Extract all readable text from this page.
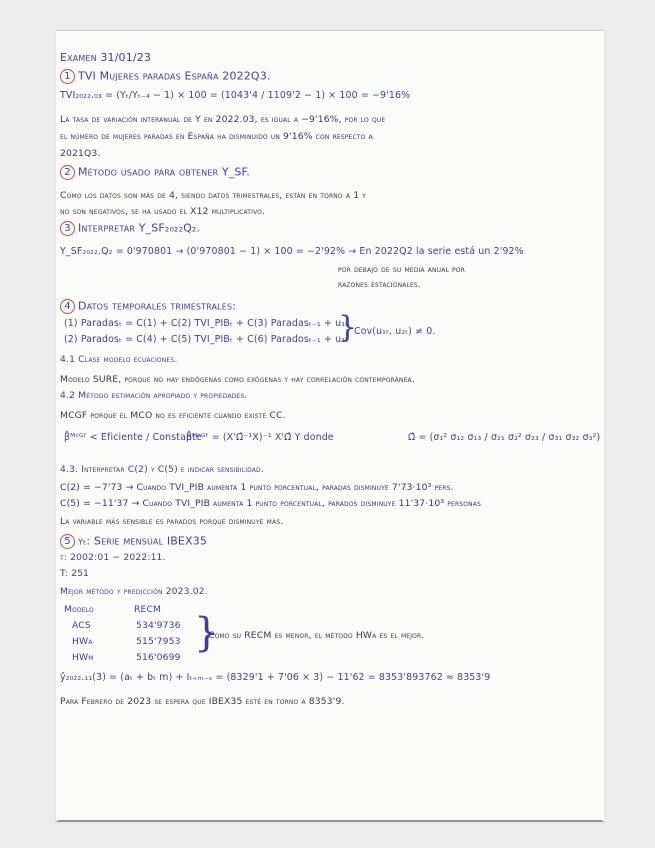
Examen 31/01/23
1 TVI Mujeres paradas España 2022Q3.
TVI₂₀₂₂.₀₃ = (Yₜ/Yₜ₋₄ − 1) × 100 = (1043'4 / 1109'2 − 1) × 100 = −9'16%
La tasa de variación interanual de Y en 2022.03, es igual a −9'16%, por lo que
el número de mujeres paradas en España ha disminuido un 9'16% con respecto a
2021Q3.
2 Método usado para obtener Y_SF.
Como los datos son más de 4, siendo datos trimestrales, están en torno a 1 y
no son negativos, se ha usado el X12 multiplicativo.
3 Interpretar Y_SF₂₀₂₂Q₂.
Y_SF₂₀₂₂.Q₂ = 0'970801 → (0'970801 − 1) × 100 = −2'92% → En 2022Q2 la serie está un 2'92%
por debajo de su media anual por
razones estacionales.
4 Datos temporales trimestrales:
(1) Paradasₜ = C(1) + C(2) TVI_PIBₜ + C(3) Paradasₜ₋₁ + u₁ₜ
(2) Paradosₜ = C(4) + C(5) TVI_PIBₜ + C(6) Paradosₜ₋₁ + u₂ₜ
}
Cov(u₁ₜ, u₂ₜ) ≠ 0.
4.1 Clase modelo ecuaciones.
Modelo SURE, porque no hay endógenas como exógenas y hay correlación contemporánea.
4.2 Método estimación apropiado y propiedades.
MCGF porque el MCO no es eficiente cuando existe CC.
β̂ᴹᶜᴳᶠ < Eficiente / Constante
β̂ᴹᶜᴳᶠ = (X'Ω̂⁻¹X)⁻¹ X'Ω̂ Y donde	Ω̂ = (σ₁² σ₁₂ σ₁₃ / σ₂₁ σ₂² σ₂₃ / σ₃₁ σ₃₂ σ₃²)
4.3. Interpretar C(2) y C(5) e indicar sensibilidad.
C(2) = −7'73 → Cuando TVI_PIB aumenta 1 punto porcentual, paradas disminuye 7'73·10³ pers.
C(5) = −11'37 → Cuando TVI_PIB aumenta 1 punto porcentual, parados disminuye 11'37·10³ personas
La variable más sensible es parados porque disminuye más.
5 yₜ: Serie mensual IBEX35
t: 2002:01 − 2022:11.
T: 251
Mejor método y predicción 2023.02.
Modelo	RECM
ACS	534'9736
HWa	515'7953
HWm	516'0699
}
Como su RECM es menor, el método HWa es el mejor.
ŷ₂₀₂₂.₁₁(3) = (aₜ + bₜ m) + Iₜ₊ₘ₋ₛ = (8329'1 + 7'06 × 3) − 11'62 = 8353'893762 ≈ 8353'9
Para Febrero de 2023 se espera que IBEX35 esté en torno a 8353'9.
